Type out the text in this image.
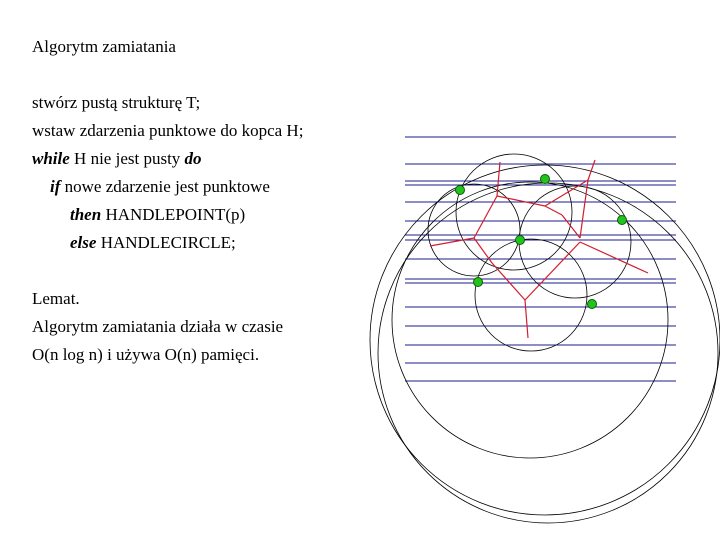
Algorytm zamiatania
stwórz pustą strukturę T;
wstaw zdarzenia punktowe do kopca H;
while H nie jest pusty do
if nowe zdarzenie jest punktowe
then HANDLEPOINT(p)
else HANDLECIRCLE;
Lemat.
Algorytm zamiatania działa w czasie
O(n log n) i używa O(n) pamięci.
